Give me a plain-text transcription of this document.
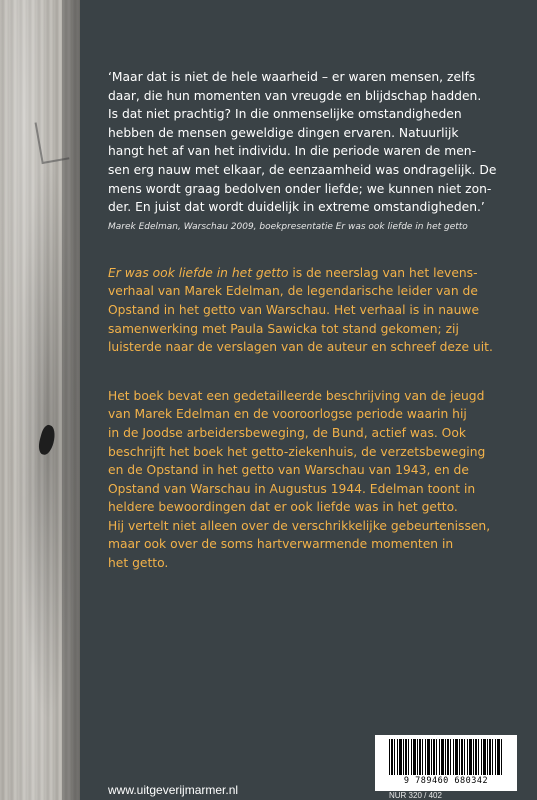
‘Maar dat is niet de hele waarheid – er waren mensen, zelfs
daar, die hun momenten van vreugde en blijdschap hadden.
Is dat niet prachtig? In die onmenselijke omstandigheden
hebben de mensen geweldige dingen ervaren. Natuurlijk
hangt het af van het individu. In die periode waren de men-
sen erg nauw met elkaar, de eenzaamheid was ondragelijk. De
mens wordt graag bedolven onder liefde; we kunnen niet zon-
der. En juist dat wordt duidelijk in extreme omstandigheden.’

Marek Edelman, Warschau 2009, boekpresentatie Er was ook liefde in het getto

Er was ook liefde in het getto is de neerslag van het levens-
verhaal van Marek Edelman, de legendarische leider van de
Opstand in het getto van Warschau. Het verhaal is in nauwe
samenwerking met Paula Sawicka tot stand gekomen; zij
luisterde naar de verslagen van de auteur en schreef deze uit.

Het boek bevat een gedetailleerde beschrijving van de jeugd
van Marek Edelman en de vooroorlogse periode waarin hij
in de Joodse arbeidersbeweging, de Bund, actief was. Ook
beschrijft het boek het getto-ziekenhuis, de verzetsbeweging
en de Opstand in het getto van Warschau van 1943, en de
Opstand van Warschau in Augustus 1944. Edelman toont in
heldere bewoordingen dat er ook liefde was in het getto.
Hij vertelt niet alleen over de verschrikkelijke gebeurtenissen,
maar ook over de soms hartverwarmende momenten in
het getto.

9 789460 680342
NUR 320 / 402
www.uitgeverijmarmer.nl
